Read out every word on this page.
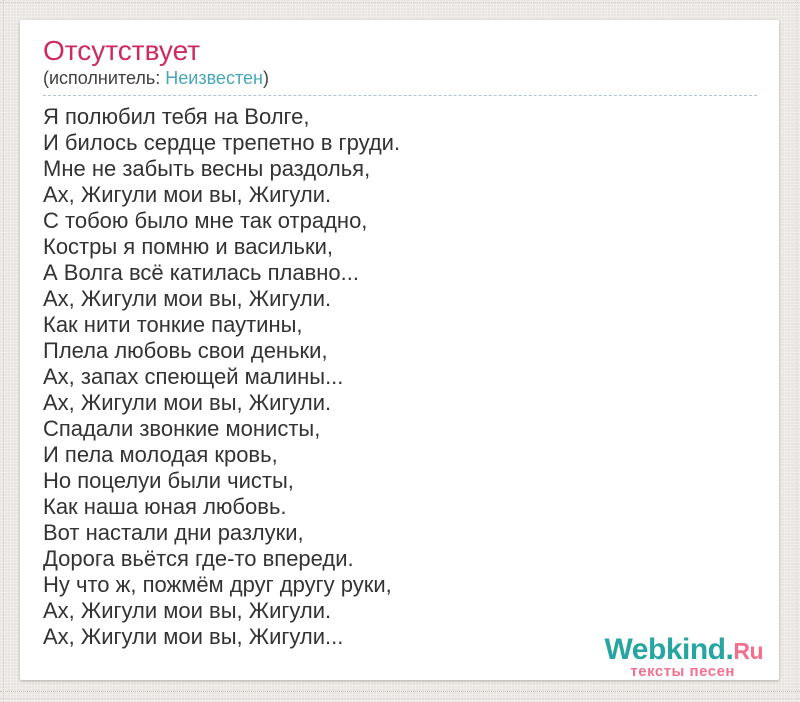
Отсутствует
(исполнитель: Неизвестен)
Я полюбил тебя на Волге,
И билось сердце трепетно в груди.
Мне не забыть весны раздолья,
Ах, Жигули мои вы, Жигули.
С тобою было мне так отрадно,
Костры я помню и васильки,
А Волга всё катилась плавно...
Ах, Жигули мои вы, Жигули.
Как нити тонкие паутины,
Плела любовь свои деньки,
Ах, запах спеющей малины...
Ах, Жигули мои вы, Жигули.
Спадали звонкие монисты,
И пела молодая кровь,
Но поцелуи были чисты,
Как наша юная любовь.
Вот настали дни разлуки,
Дорога вьётся где-то впереди.
Ну что ж, пожмём друг другу руки,
Ах, Жигули мои вы, Жигули.
Ах, Жигули мои вы, Жигули...	Webkind.Ru
тексты песен
